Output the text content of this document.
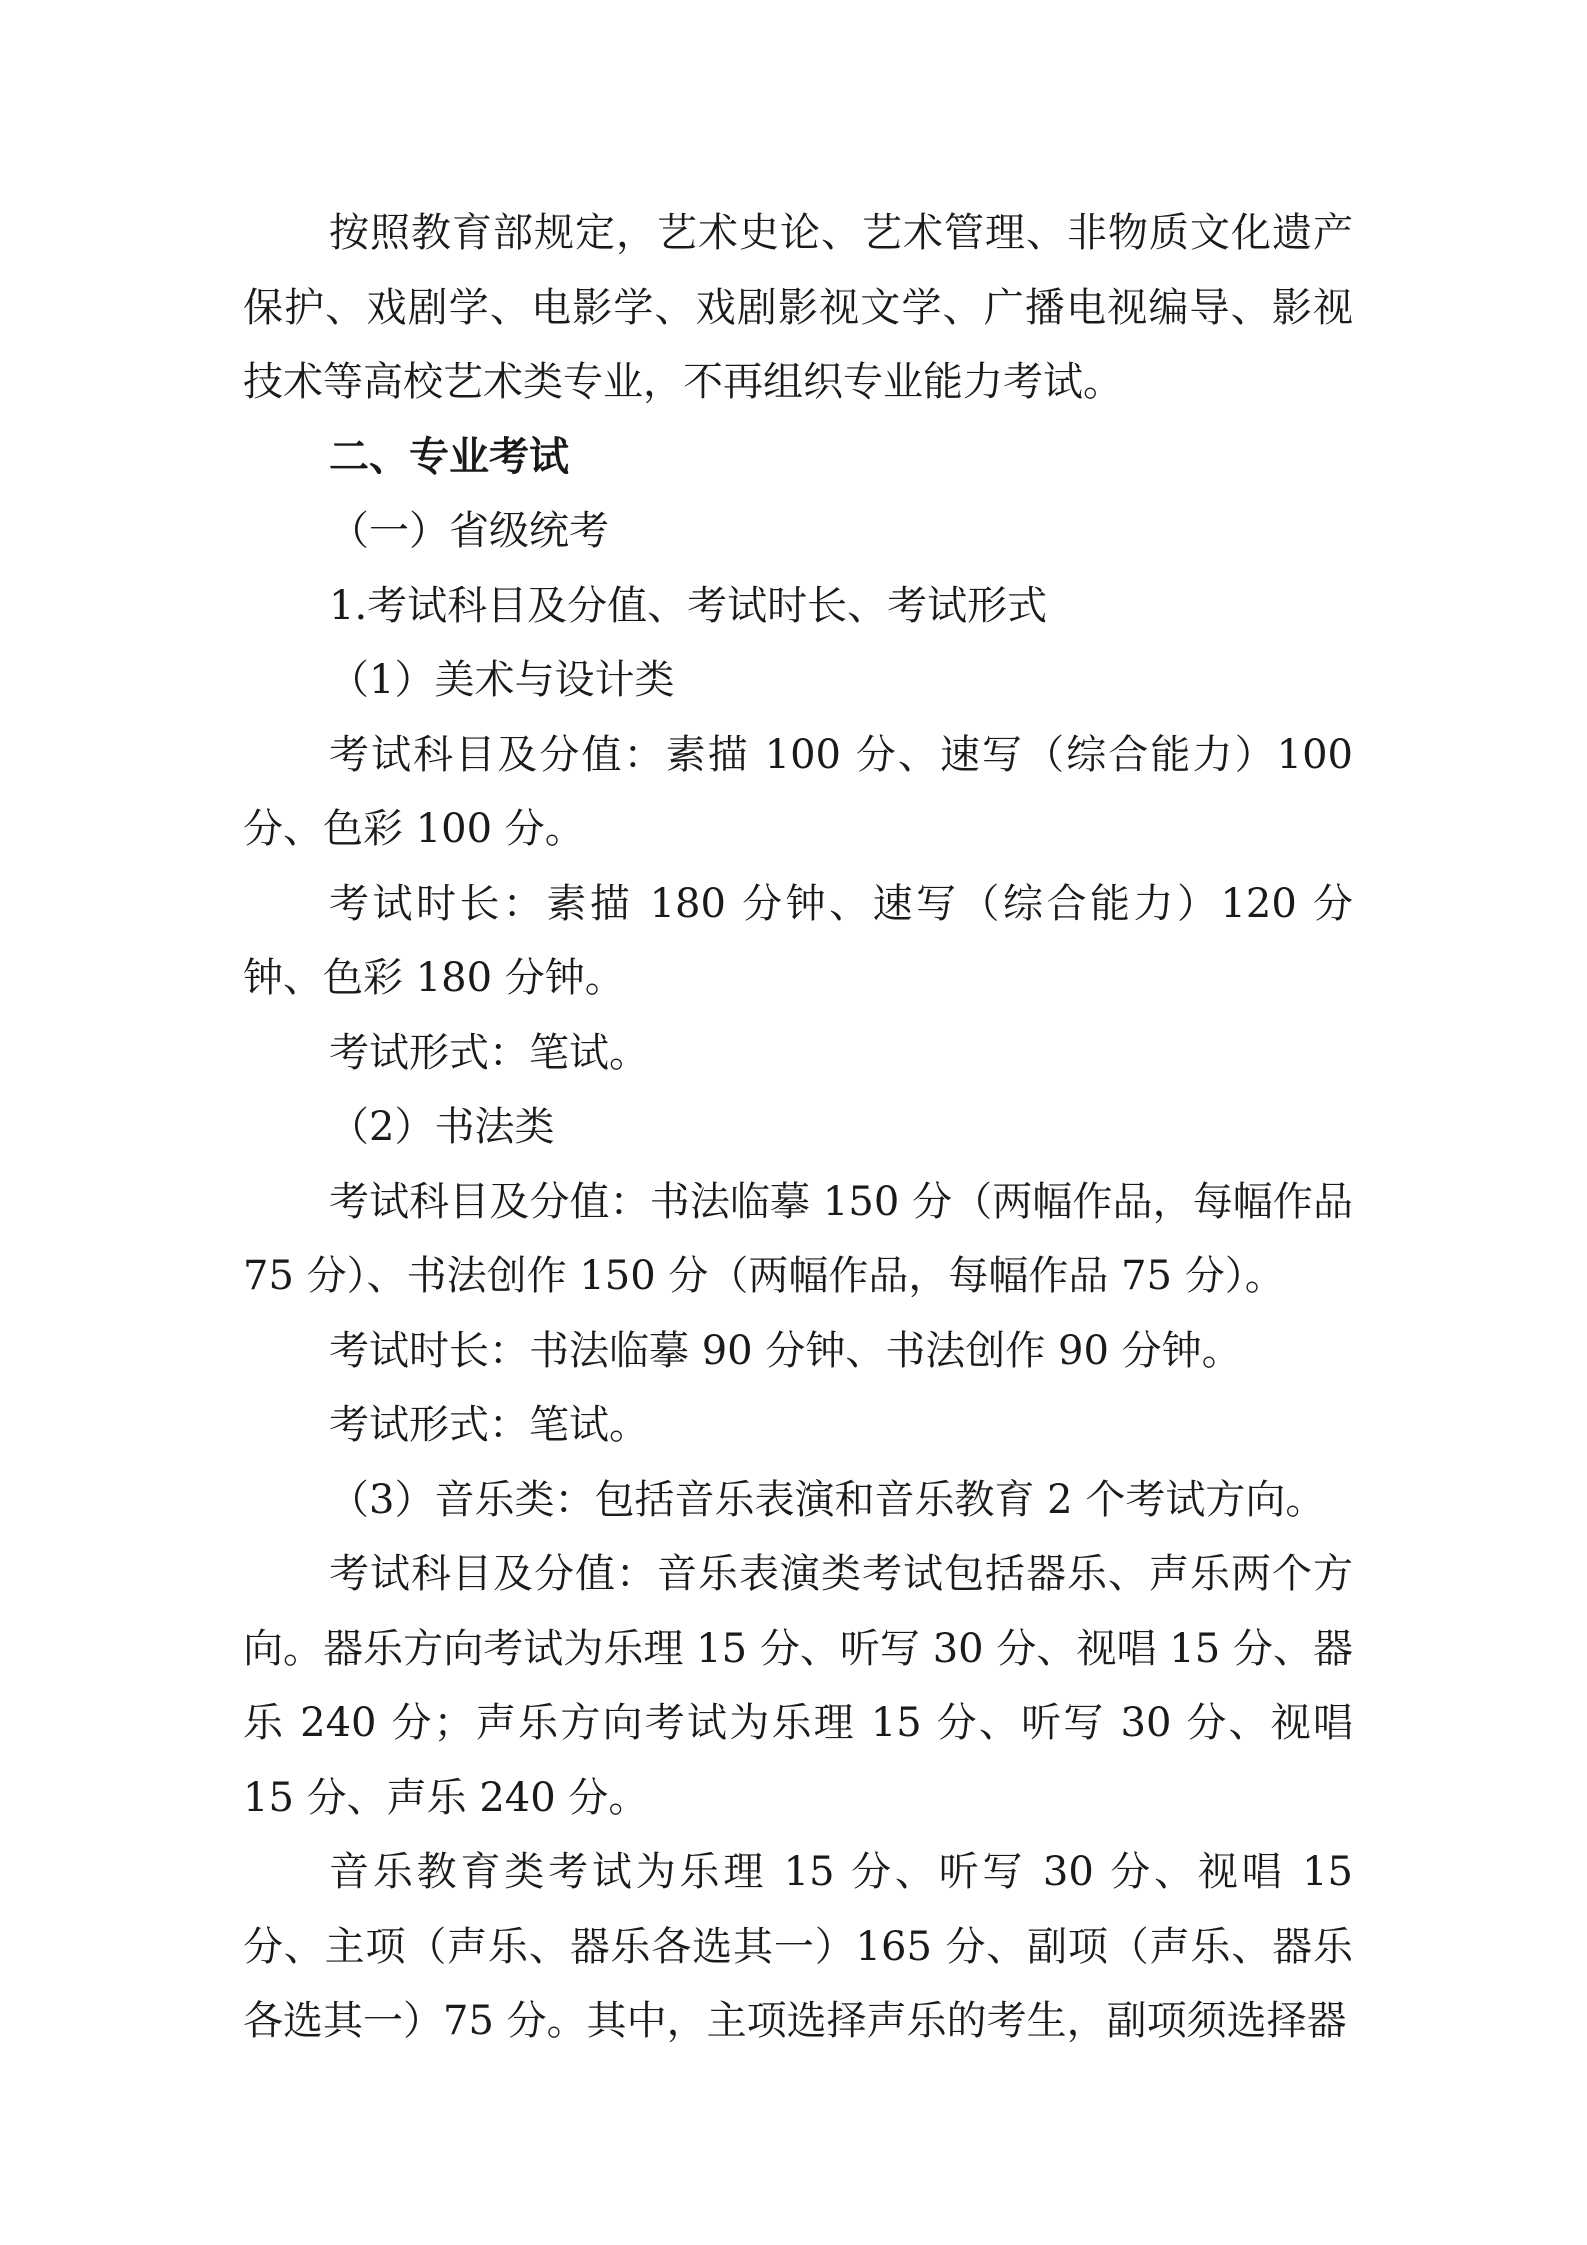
按照教育部规定，艺术史论、艺术管理、非物质文化遗产保护、戏剧学、电影学、戏剧影视文学、广播电视编导、影视技术等高校艺术类专业，不再组织专业能力考试。

二、专业考试

（一）省级统考

1.考试科目及分值、考试时长、考试形式

（1）美术与设计类

考试科目及分值：素描 100 分、速写（综合能力）100 分、色彩 100 分。

考试时长：素描 180 分钟、速写（综合能力）120 分钟、色彩 180 分钟。

考试形式：笔试。

（2）书法类

考试科目及分值：书法临摹 150 分（两幅作品，每幅作品 75 分）、书法创作 150 分（两幅作品，每幅作品 75 分）。

考试时长：书法临摹 90 分钟、书法创作 90 分钟。

考试形式：笔试。

（3）音乐类：包括音乐表演和音乐教育 2 个考试方向。

考试科目及分值：音乐表演类考试包括器乐、声乐两个方向。器乐方向考试为乐理 15 分、听写 30 分、视唱 15 分、器乐 240 分；声乐方向考试为乐理 15 分、听写 30 分、视唱 15 分、声乐 240 分。

音乐教育类考试为乐理 15 分、听写 30 分、视唱 15 分、主项（声乐、器乐各选其一）165 分、副项（声乐、器乐各选其一）75 分。其中，主项选择声乐的考生，副项须选择器
